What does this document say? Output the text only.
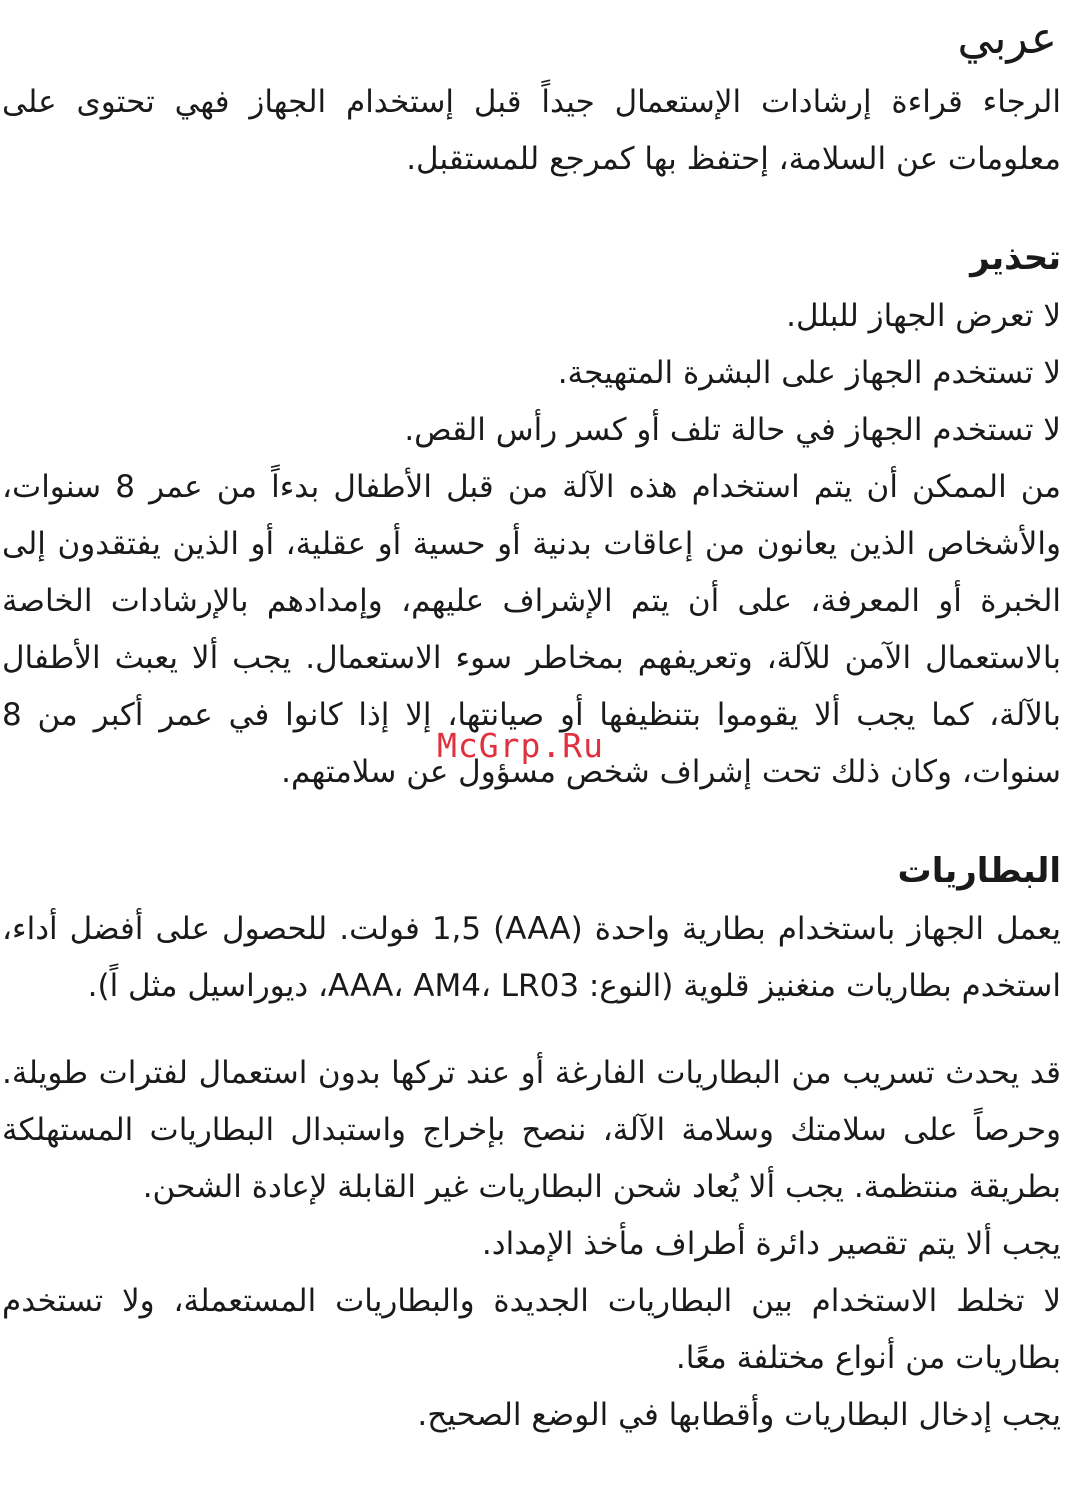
عربي

الرجاء قراءة إرشادات الإستعمال جيداً قبل إستخدام الجهاز فهي تحتوى على معلومات عن السلامة، إحتفظ بها كمرجع للمستقبل.

تحذير

لا تعرض الجهاز للبلل.

لا تستخدم الجهاز على البشرة المتهيجة.

لا تستخدم الجهاز في حالة تلف أو كسر رأس القص.

من الممكن أن يتم استخدام هذه الآلة من قبل الأطفال بدءاً من عمر 8 سنوات، والأشخاص الذين يعانون من إعاقات بدنية أو حسية أو عقلية، أو الذين يفتقدون إلى الخبرة أو المعرفة، على أن يتم الإشراف عليهم، وإمدادهم بالإرشادات الخاصة بالاستعمال الآمن للآلة، وتعريفهم بمخاطر سوء الاستعمال. يجب ألا يعبث الأطفال بالآلة، كما يجب ألا يقوموا بتنظيفها أو صيانتها، إلا إذا كانوا في عمر أكبر من 8 سنوات، وكان ذلك تحت إشراف شخص مسؤول عن سلامتهم.

البطاريات

يعمل الجهاز باستخدام بطارية واحدة (AAA) 1,5 فولت. للحصول على أفضل أداء، استخدم بطاريات منغنيز قلوية (النوع: AAA، AM4، LR03، ديوراسيل مثل اً).

قد يحدث تسريب من البطاريات الفارغة أو عند تركها بدون استعمال لفترات طويلة. وحرصاً على سلامتك وسلامة الآلة، ننصح بإخراج واستبدال البطاريات المستهلكة بطريقة منتظمة. يجب ألا يُعاد شحن البطاريات غير القابلة لإعادة الشحن.

يجب ألا يتم تقصير دائرة أطراف مأخذ الإمداد.

لا تخلط الاستخدام بين البطاريات الجديدة والبطاريات المستعملة، ولا تستخدم بطاريات من أنواع مختلفة معًا.

يجب إدخال البطاريات وأقطابها في الوضع الصحيح.

McGrp.Ru
